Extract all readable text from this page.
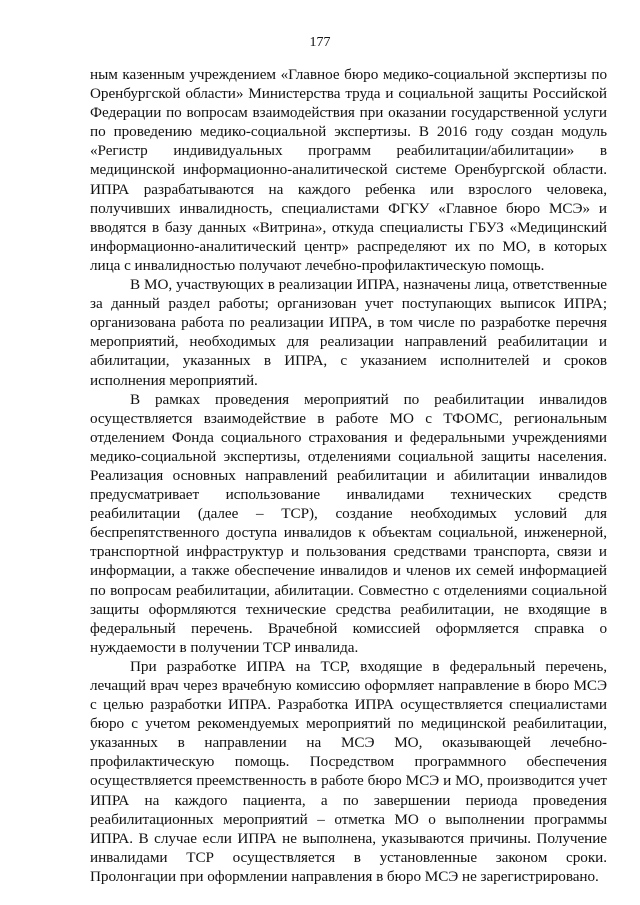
177

ным казенным учреждением «Главное бюро медико-социальной экспертизы по Оренбургской области» Министерства труда и социальной защиты Российской Федерации по вопросам взаимодействия при оказании государственной услуги по проведению медико-социальной экспертизы. В 2016 году создан модуль «Регистр индивидуальных программ реабилитации/абилитации» в медицинской информационно-аналитической системе Оренбургской области. ИПРА разрабатываются на каждого ребенка или взрослого человека, получивших инвалидность, специалистами ФГКУ «Главное бюро МСЭ» и вводятся в базу данных «Витрина», откуда специалисты ГБУЗ «Медицинский информационно-аналитический центр» распределяют их по МО, в которых лица с инвалидностью получают лечебно-профилактическую помощь.

В МО, участвующих в реализации ИПРА, назначены лица, ответственные за данный раздел работы; организован учет поступающих выписок ИПРА; организована работа по реализации ИПРА, в том числе по разработке перечня мероприятий, необходимых для реализации направлений реабилитации и абилитации, указанных в ИПРА, с указанием исполнителей и сроков исполнения мероприятий.

В рамках проведения мероприятий по реабилитации инвалидов осуществляется взаимодействие в работе МО с ТФОМС, региональным отделением Фонда социального страхования и федеральными учреждениями медико-социальной экспертизы, отделениями социальной защиты населения. Реализация основных направлений реабилитации и абилитации инвалидов предусматривает использование инвалидами технических средств реабилитации (далее – ТСР), создание необходимых условий для беспрепятственного доступа инвалидов к объектам социальной, инженерной, транспортной инфраструктур и пользования средствами транспорта, связи и информации, а также обеспечение инвалидов и членов их семей информацией по вопросам реабилитации, абилитации. Совместно с отделениями социальной защиты оформляются технические средства реабилитации, не входящие в федеральный перечень. Врачебной комиссией оформляется справка о нуждаемости в получении ТСР инвалида.

При разработке ИПРА на ТСР, входящие в федеральный перечень, лечащий врач через врачебную комиссию оформляет направление в бюро МСЭ с целью разработки ИПРА. Разработка ИПРА осуществляется специалистами бюро с учетом рекомендуемых мероприятий по медицинской реабилитации, указанных в направлении на МСЭ МО, оказывающей лечебно-профилактическую помощь. Посредством программного обеспечения осуществляется преемственность в работе бюро МСЭ и МО, производится учет ИПРА на каждого пациента, а по завершении периода проведения реабилитационных мероприятий – отметка МО о выполнении программы ИПРА. В случае если ИПРА не выполнена, указываются причины. Получение инвалидами ТСР осуществляется в установленные законом сроки. Пролонгации при оформлении направления в бюро МСЭ не зарегистрировано.
